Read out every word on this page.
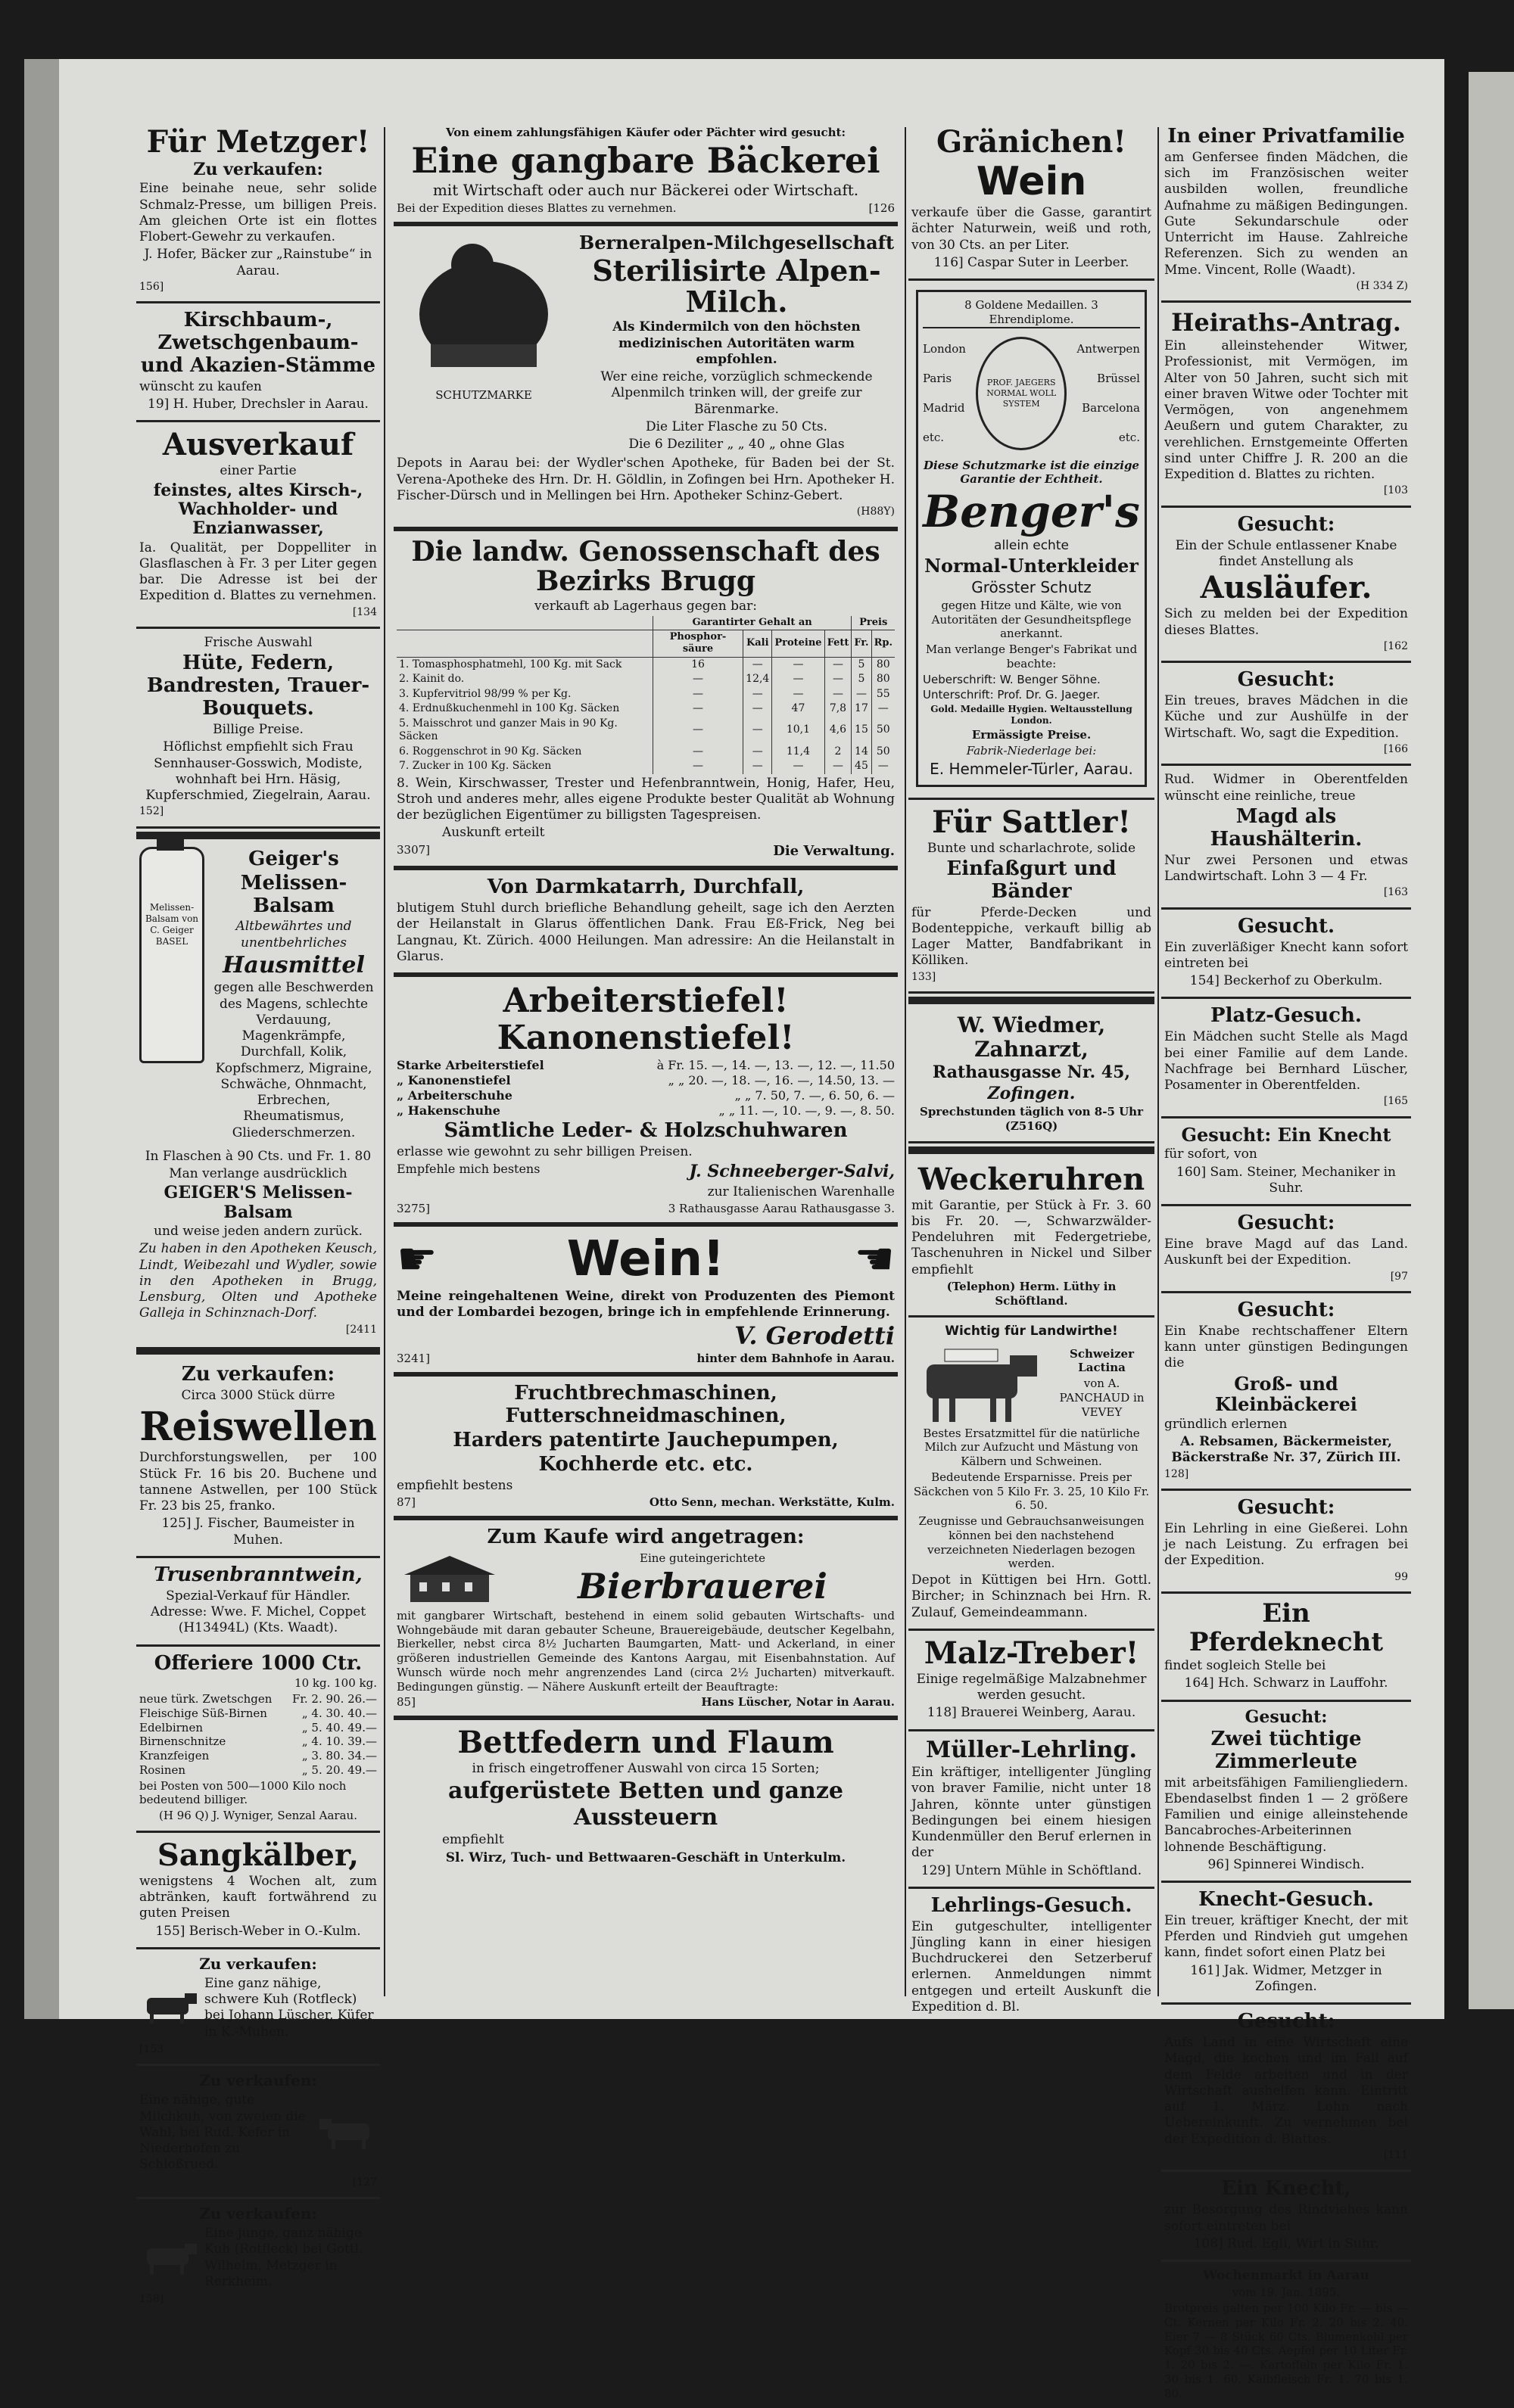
Für Metzger!

Zu verkaufen:

Eine beinahe neue, sehr solide Schmalz-Presse, um billigen Preis. Am gleichen Orte ist ein flottes Flobert-Gewehr zu verkaufen.

J. Hofer, Bäcker zur „Rainstube“ in Aarau.

156]

Kirschbaum-, Zwetschgenbaum- und Akazien-Stämme

wünscht zu kaufen

19] H. Huber, Drechsler in Aarau.

Ausverkauf

einer Partie

feinstes, altes Kirsch-, Wachholder- und Enzianwasser,

Ia. Qualität, per Doppelliter in Glasflaschen à Fr. 3 per Liter gegen bar. Die Adresse ist bei der Expedition d. Blattes zu vernehmen.

[134

Frische Auswahl

Hüte, Federn, Bandresten, Trauer-Bouquets.

Billige Preise.

Höflichst empfiehlt sich Frau Sennhauser-Gosswich, Modiste, wohnhaft bei Hrn. Häsig, Kupferschmied, Ziegelrain, Aarau.

152]

Melissen-Balsam von C. Geiger BASEL

Geiger's

Melissen-Balsam

Altbewährtes und unentbehrliches

Hausmittel

gegen alle Beschwerden des Magens, schlechte Verdauung, Magenkrämpfe, Durchfall, Kolik, Kopfschmerz, Migraine, Schwäche, Ohnmacht, Erbrechen, Rheumatismus, Gliederschmerzen.

In Flaschen à 90 Cts. und Fr. 1. 80

Man verlange ausdrücklich

GEIGER'S Melissen-Balsam

und weise jeden andern zurück.

Zu haben in den Apotheken Keusch, Lindt, Weibezahl und Wydler, sowie in den Apotheken in Brugg, Lensburg, Olten und Apotheke Galleja in Schinznach-Dorf.

[2411

Zu verkaufen:

Circa 3000 Stück dürre

Reiswellen

Durchforstungswellen, per 100 Stück Fr. 16 bis 20. Buchene und tannene Astwellen, per 100 Stück Fr. 23 bis 25, franko.

125] J. Fischer, Baumeister in Muhen.

Trusenbranntwein,

Spezial-Verkauf für Händler. Adresse: Wwe. F. Michel, Coppet (H13494L) (Kts. Waadt).

Offeriere 1000 Ctr.

10 kg. 100 kg.

neue türk. Zwetschgen Fr. 2. 90. 26.—
Fleischige Süß-Birnen	„ 4. 30. 40.—
Edelbirnen	„ 5. 40. 49.—
Birnenschnitze	„ 4. 10. 39.—
Kranzfeigen	„ 3. 80. 34.—
Rosinen	„ 5. 20. 49.—

bei Posten von 500—1000 Kilo noch bedeutend billiger.

(H 96 Q) J. Wyniger, Senzal Aarau.

Sangkälber,

wenigstens 4 Wochen alt, zum abtränken, kauft fortwährend zu guten Preisen

155] Berisch-Weber in O.-Kulm.

Zu verkaufen:

Eine ganz nähige, schwere Kuh (Rotfleck) bei Johann Lüscher, Küfer in K.-Muhen.

[153

Zu verkaufen:

Eine nähige, gute Milchkuh, von zweien die Wahl, bei Rud. Kefer in Niederhofen zu Schloßrued.

[127

Zu verkaufen:

Eine junge, ganz nähige Kuh (Rotfleck) bei Gottl. Wilhelm, Metzger in Rerkheim.

158]

Von einem zahlungsfähigen Käufer oder Pächter wird gesucht:

Eine gangbare Bäckerei

mit Wirtschaft oder auch nur Bäckerei oder Wirtschaft.

Bei der Expedition dieses Blattes zu vernehmen.	[126

SCHUTZMARKE

Berneralpen-Milchgesellschaft

Sterilisirte Alpen-Milch.

Als Kindermilch von den höchsten medizinischen Autoritäten warm empfohlen.

Wer eine reiche, vorzüglich schmeckende Alpenmilch trinken will, der greife zur Bärenmarke.

Die Liter Flasche zu 50 Cts.

Die 6 Deziliter „ „ 40 „ ohne Glas

Depots in Aarau bei: der Wydler'schen Apotheke, für Baden bei der St. Verena-Apotheke des Hrn. Dr. H. Göldlin, in Zofingen bei Hrn. Apotheker H. Fischer-Dürsch und in Mellingen bei Hrn. Apotheker Schinz-Gebert.

(H88Y)

Die landw. Genossenschaft des Bezirks Brugg

verkauft ab Lagerhaus gegen bar:

	Garantirter Gehalt an				Preis	
	Phosphor-säure	Kali	Proteine	Fett	Fr.	Rp.
1. Tomasphosphatmehl, 100 Kg. mit Sack	16	—	—	—	5	80
2. Kainit do.	—	12,4	—	—	5	80
3. Kupfervitriol 98/99 % per Kg.	—	—	—	—	—	55
4. Erdnußkuchenmehl in 100 Kg. Säcken	—	—	47	7,8	17	—
5. Maisschrot und ganzer Mais in 90 Kg. Säcken	—	—	10,1	4,6	15	50
6. Roggenschrot in 90 Kg. Säcken	—	—	11,4	2	14	50
7. Zucker in 100 Kg. Säcken	—	—	—	—	45	—

8. Wein, Kirschwasser, Trester und Hefenbranntwein, Honig, Hafer, Heu, Stroh und anderes mehr, alles eigene Produkte bester Qualität ab Wohnung der bezüglichen Eigentümer zu billigsten Tagespreisen.

Auskunft erteilt

3307]	Die Verwaltung.

Von Darmkatarrh, Durchfall,

blutigem Stuhl durch briefliche Behandlung geheilt, sage ich den Aerzten der Heilanstalt in Glarus öffentlichen Dank. Frau Eß-Frick, Neg bei Langnau, Kt. Zürich. 4000 Heilungen. Man adressire: An die Heilanstalt in Glarus.

Arbeiterstiefel! Kanonenstiefel!

Starke Arbeiterstiefel	à Fr. 15. —, 14. —, 13. —, 12. —, 11.50
„ Kanonenstiefel	„ „ 20. —, 18. —, 16. —, 14.50, 13. —
„ Arbeiterschuhe	„ „ 7. 50, 7. —, 6. 50, 6. —
„ Hakenschuhe	„ „ 11. —, 10. —, 9. —, 8. 50.

Sämtliche Leder- & Holzschuhwaren

erlasse wie gewohnt zu sehr billigen Preisen.

Empfehle mich bestens	J. Schneeberger-Salvi,

zur Italienischen Warenhalle

3275]	3 Rathausgasse Aarau Rathausgasse 3.
☛	Wein!	☚

Meine reingehaltenen Weine, direkt von Produzenten des Piemont und der Lombardei bezogen, bringe ich in empfehlende Erinnerung.

V. Gerodetti

3241]	hinter dem Bahnhofe in Aarau.

Fruchtbrechmaschinen, Futterschneidmaschinen,

Harders patentirte Jauchepumpen,

Kochherde etc. etc.

empfiehlt bestens

87]	Otto Senn, mechan. Werkstätte, Kulm.

Zum Kaufe wird angetragen:

Eine guteingerichtete

Bierbrauerei

mit gangbarer Wirtschaft, bestehend in einem solid gebauten Wirtschafts- und Wohngebäude mit daran gebauter Scheune, Brauereigebäude, deutscher Kegelbahn, Bierkeller, nebst circa 8½ Jucharten Baumgarten, Matt- und Ackerland, in einer größeren industriellen Gemeinde des Kantons Aargau, mit Eisenbahnstation. Auf Wunsch würde noch mehr angrenzendes Land (circa 2½ Jucharten) mitverkauft. Bedingungen günstig. — Nähere Auskunft erteilt der Beauftragte:

85]	Hans Lüscher, Notar in Aarau.

Bettfedern und Flaum

in frisch eingetroffener Auswahl von circa 15 Sorten;

aufgerüstete Betten und ganze Aussteuern

empfiehlt

Sl. Wirz, Tuch- und Bettwaaren-Geschäft in Unterkulm.

Gränichen!

Wein

verkaufe über die Gasse, garantirt ächter Naturwein, weiß und roth, von 30 Cts. an per Liter.

116] Caspar Suter in Leerber.

8 Goldene Medaillen. 3 Ehrendiplome.

London
Paris
Madrid
etc.
PROF. JAEGERS NORMAL WOLL SYSTEM
Antwerpen
Brüssel
Barcelona
etc.

Diese Schutzmarke ist die einzige Garantie der Echtheit.

Benger's

allein echte

Normal-Unterkleider

Grösster Schutz

gegen Hitze und Kälte, wie von Autoritäten der Gesundheitspflege anerkannt.

Man verlange Benger's Fabrikat und beachte:

Ueberschrift: W. Benger Söhne.

Unterschrift: Prof. Dr. G. Jaeger.

Gold. Medaille Hygien. Weltausstellung London.

Ermässigte Preise.

Fabrik-Niederlage bei:

E. Hemmeler-Türler, Aarau.

Für Sattler!

Bunte und scharlachrote, solide

Einfaßgurt und Bänder

für Pferde-Decken und Bodenteppiche, verkauft billig ab Lager Matter, Bandfabrikant in Kölliken.

133]

W. Wiedmer, Zahnarzt,

Rathausgasse Nr. 45,

Zofingen.

Sprechstunden täglich von 8-5 Uhr (Z516Q)

Weckeruhren

mit Garantie, per Stück à Fr. 3. 60 bis Fr. 20. —, Schwarzwälder-Pendeluhren mit Federgetriebe, Taschenuhren in Nickel und Silber empfiehlt

(Telephon) Herm. Lüthy in Schöftland.

Wichtig für Landwirthe!

Schweizer Lactina

von A. PANCHAUD in VEVEY

Bestes Ersatzmittel für die natürliche Milch zur Aufzucht und Mästung von Kälbern und Schweinen.

Bedeutende Ersparnisse. Preis per Säckchen von 5 Kilo Fr. 3. 25, 10 Kilo Fr. 6. 50.

Zeugnisse und Gebrauchsanweisungen können bei den nachstehend verzeichneten Niederlagen bezogen werden.

Depot in Küttigen bei Hrn. Gottl. Bircher; in Schinznach bei Hrn. R. Zulauf, Gemeindeammann.

Malz-Treber!

Einige regelmäßige Malzabnehmer werden gesucht.

118] Brauerei Weinberg, Aarau.

Müller-Lehrling.

Ein kräftiger, intelligenter Jüngling von braver Familie, nicht unter 18 Jahren, könnte unter günstigen Bedingungen bei einem hiesigen Kundenmüller den Beruf erlernen in der

129] Untern Mühle in Schöftland.

Lehrlings-Gesuch.

Ein gutgeschulter, intelligenter Jüngling kann in einer hiesigen Buchdruckerei den Setzerberuf erlernen. Anmeldungen nimmt entgegen und erteilt Auskunft die Expedition d. Bl.

In einer Privatfamilie

am Genfersee finden Mädchen, die sich im Französischen weiter ausbilden wollen, freundliche Aufnahme zu mäßigen Bedingungen. Gute Sekundarschule oder Unterricht im Hause. Zahlreiche Referenzen. Sich zu wenden an Mme. Vincent, Rolle (Waadt).

(H 334 Z)

Heiraths-Antrag.

Ein alleinstehender Witwer, Professionist, mit Vermögen, im Alter von 50 Jahren, sucht sich mit einer braven Witwe oder Tochter mit Vermögen, von angenehmem Aeußern und gutem Charakter, zu verehlichen. Ernstgemeinte Offerten sind unter Chiffre J. R. 200 an die Expedition d. Blattes zu richten.

[103

Gesucht:

Ein der Schule entlassener Knabe findet Anstellung als

Ausläufer.

Sich zu melden bei der Expedition dieses Blattes.

[162

Gesucht:

Ein treues, braves Mädchen in die Küche und zur Aushülfe in der Wirtschaft. Wo, sagt die Expedition.

[166

Rud. Widmer in Oberentfelden wünscht eine reinliche, treue

Magd als Haushälterin.

Nur zwei Personen und etwas Landwirtschaft. Lohn 3 — 4 Fr.

[163

Gesucht.

Ein zuverläßiger Knecht kann sofort eintreten bei

154] Beckerhof zu Oberkulm.

Platz-Gesuch.

Ein Mädchen sucht Stelle als Magd bei einer Familie auf dem Lande. Nachfrage bei Bernhard Lüscher, Posamenter in Oberentfelden.

[165

Gesucht: Ein Knecht

für sofort, von

160] Sam. Steiner, Mechaniker in Suhr.

Gesucht:

Eine brave Magd auf das Land. Auskunft bei der Expedition.

[97

Gesucht:

Ein Knabe rechtschaffener Eltern kann unter günstigen Bedingungen die

Groß- und Kleinbäckerei

gründlich erlernen

A. Rebsamen, Bäckermeister, Bäckerstraße Nr. 37, Zürich III.

128]

Gesucht:

Ein Lehrling in eine Gießerei. Lohn je nach Leistung. Zu erfragen bei der Expedition.

99

Ein Pferdeknecht

findet sogleich Stelle bei

164] Hch. Schwarz in Lauffohr.

Gesucht:

Zwei tüchtige Zimmerleute

mit arbeitsfähigen Familiengliedern. Ebendaselbst finden 1 — 2 größere Familien und einige alleinstehende Bancabroches-Arbeiterinnen lohnende Beschäftigung.

96] Spinnerei Windisch.

Knecht-Gesuch.

Ein treuer, kräftiger Knecht, der mit Pferden und Rindvieh gut umgehen kann, findet sofort einen Platz bei

161] Jak. Widmer, Metzger in Zofingen.

Gesucht:

Aufs Land in eine Wirtschaft eine Magd, die kochen und im Fall auf dem Felde arbeiten und in der Wirtschaft aushelfen kann. Eintritt auf 1. März. Lohn nach Uebereinkunft. Zu vernehmen bei der Expedition d. Blattes.

[111

Ein Knecht,

zur Besorgung des Rindviehes kann sofort eintreten bei

108] Rud. Egli, Wirt in Suhr.

Wochenmarkt in Aarau

vom 19. Jan. 1895.

Brotpreis galten per 100 Kilo Fr. — bis — Ct. Kernen per Kilo Fr. 2. 20 bis 2. 40. Eier 7 — 8 Stück 60 Cts. Blumenkohl per Kopf 30 bis 40 Cts. Aepfel per 10 Liter Fr. 1. 20 bis 2. —. Kartoffeln per Kilo Fr. 1. 30 bis 1. 60. Kalbfleisch Fr. 1. 70 bis 1. 80.
